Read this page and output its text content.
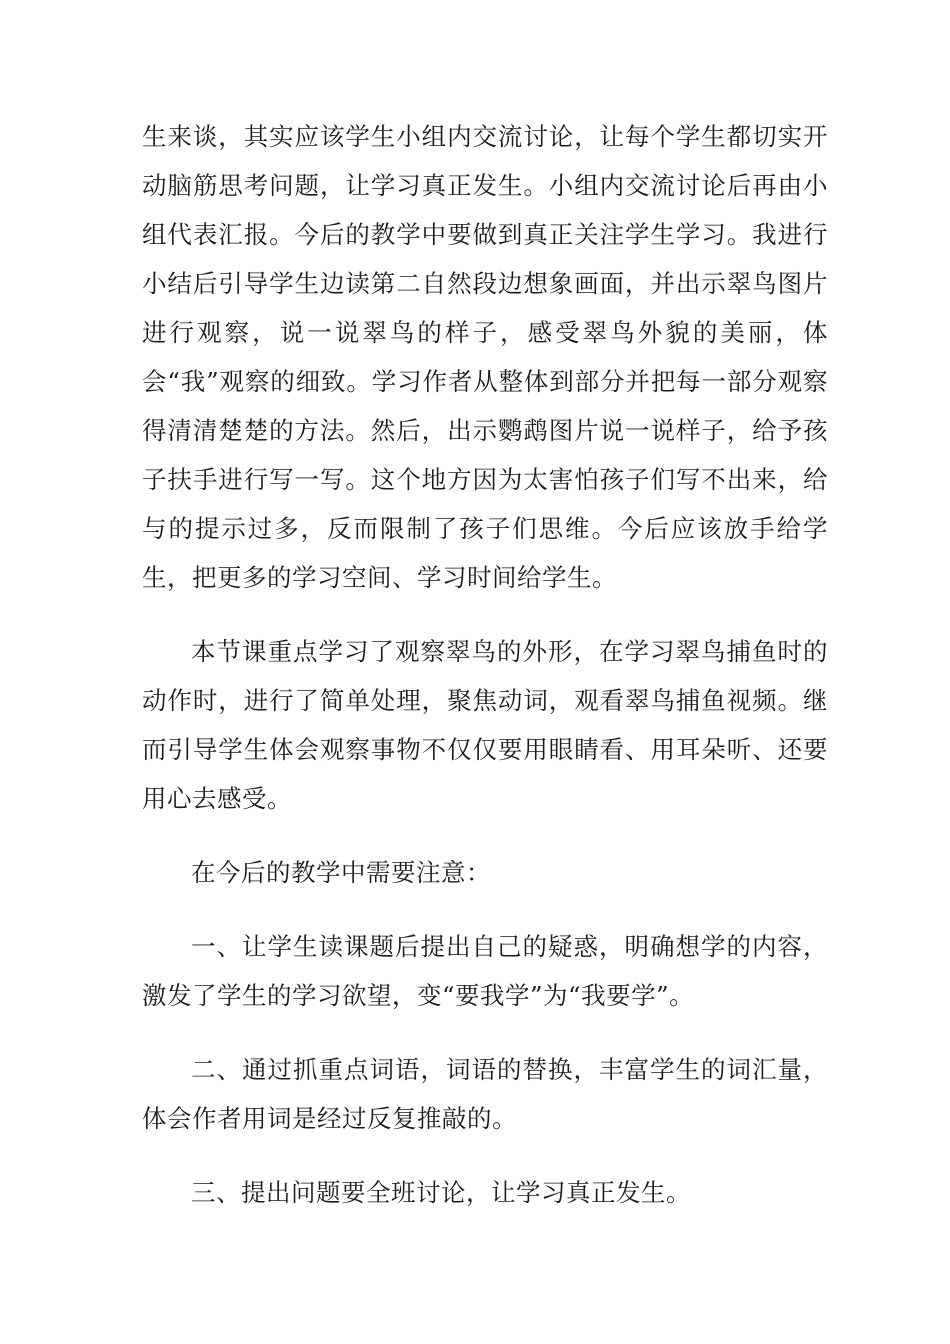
生来谈，其实应该学生小组内交流讨论，让每个学生都切实开动脑筋思考问题，让学习真正发生。小组内交流讨论后再由小组代表汇报。今后的教学中要做到真正关注学生学习。我进行小结后引导学生边读第二自然段边想象画面，并出示翠鸟图片进行观察，说一说翠鸟的样子，感受翠鸟外貌的美丽，体会“我”观察的细致。学习作者从整体到部分并把每一部分观察得清清楚楚的方法。然后，出示鹦鹉图片说一说样子，给予孩子扶手进行写一写。这个地方因为太害怕孩子们写不出来，给与的提示过多，反而限制了孩子们思维。今后应该放手给学生，把更多的学习空间、学习时间给学生。

本节课重点学习了观察翠鸟的外形，在学习翠鸟捕鱼时的动作时，进行了简单处理，聚焦动词，观看翠鸟捕鱼视频。继而引导学生体会观察事物不仅仅要用眼睛看、用耳朵听、还要用心去感受。

在今后的教学中需要注意：

一、让学生读课题后提出自己的疑惑，明确想学的内容，激发了学生的学习欲望，变“要我学”为“我要学”。

二、通过抓重点词语，词语的替换，丰富学生的词汇量，体会作者用词是经过反复推敲的。

三、提出问题要全班讨论，让学习真正发生。
